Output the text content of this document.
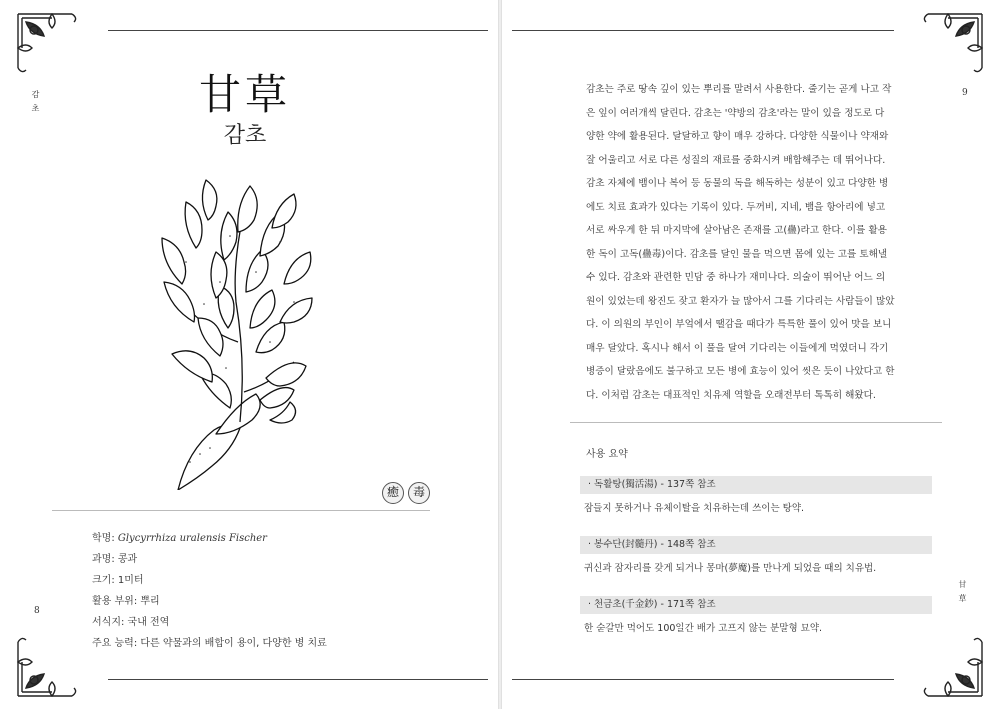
감초
8
9
甘草
甘草
감초
癒	毒
학명: Glycyrrhiza uralensis Fischer
과명: 콩과
크기: 1미터
활용 부위: 뿌리
서식지: 국내 전역
주요 능력: 다른 약물과의 배합이 용이, 다양한 병 치료
감초는 주로 땅속 깊이 있는 뿌리를 말려서 사용한다. 줄기는 곧게 나고 작
은 잎이 여러개씩 달린다. 감초는 '약방의 감초'라는 말이 있을 정도로 다
양한 약에 활용된다. 달달하고 향이 매우 강하다. 다양한 식물이나 약재와
잘 어울리고 서로 다른 성질의 재료를 중화시켜 배합해주는 데 뛰어나다.
감초 자체에 뱀이나 복어 등 동물의 독을 해독하는 성분이 있고 다양한 병
에도 치료 효과가 있다는 기록이 있다. 두꺼비, 지네, 뱀을 항아리에 넣고
서로 싸우게 한 뒤 마지막에 살아남은 존재를 고(蠱)라고 한다. 이를 활용
한 독이 고독(蠱毒)이다. 감초를 달인 물을 먹으면 몸에 있는 고를 토해낼
수 있다. 감초와 관련한 민담 중 하나가 재미나다. 의술이 뛰어난 어느 의
원이 있었는데 왕진도 잦고 환자가 늘 많아서 그를 기다리는 사람들이 많았
다. 이 의원의 부인이 부엌에서 땔감을 때다가 특특한 풀이 있어 맛을 보니
매우 달았다. 혹시나 해서 이 풀을 달여 기다리는 이들에게 먹였더니 각기
병증이 달랐음에도 불구하고 모든 병에 효능이 있어 씻은 듯이 나았다고 한
다. 이처럼 감초는 대표적인 치유제 역할을 오래전부터 톡톡히 해왔다.
사용 요약
· 독활탕(獨活湯) - 137쪽 참조
잠들지 못하거나 유체이탈을 치유하는데 쓰이는 탕약.
· 봉수단(封髓丹) - 148쪽 참조
귀신과 잠자리를 갖게 되거나 몽마(夢魔)를 만나게 되었을 때의 치유법.
· 천금초(千金鈔) - 171쪽 참조
한 숟갈만 먹어도 100일간 배가 고프지 않는 분말형 묘약.
